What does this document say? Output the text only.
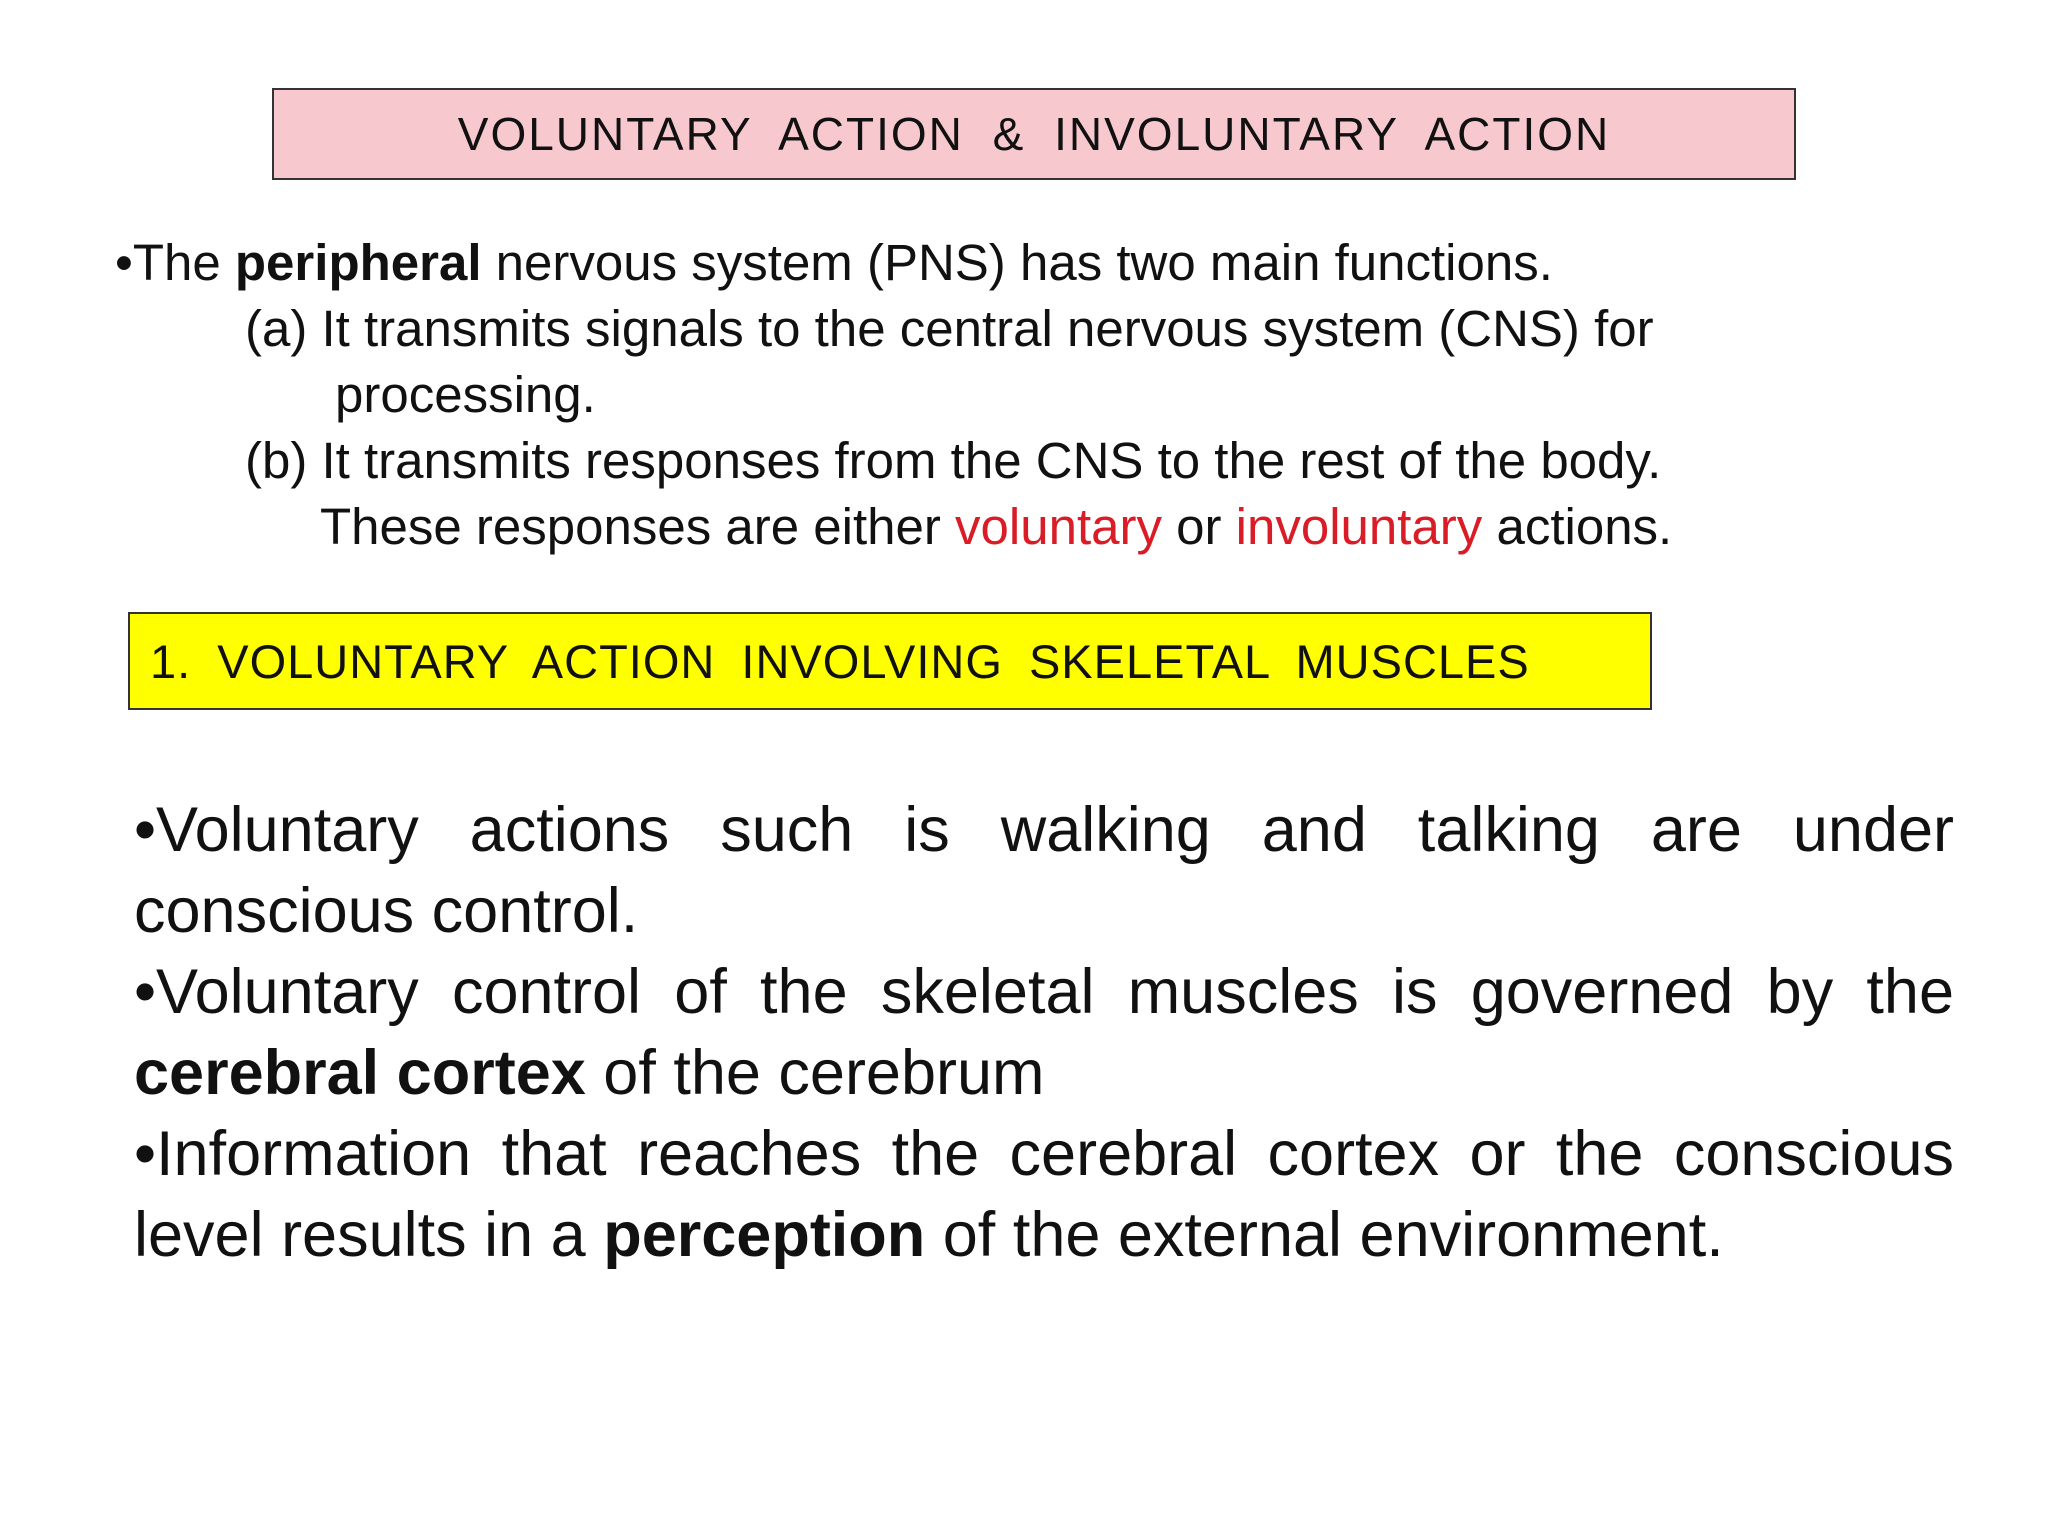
VOLUNTARY ACTION & INVOLUNTARY ACTION

•The peripheral nervous system (PNS) has two main functions.

(a) It transmits signals to the central nervous system (CNS) for

processing.

(b) It transmits responses from the CNS to the rest of the body.

These responses are either voluntary or involuntary actions.

1. VOLUNTARY ACTION INVOLVING SKELETAL MUSCLES

•Voluntary actions such is walking and talking are under conscious control.

•Voluntary control of the skeletal muscles is governed by the cerebral cortex of the cerebrum

•Information that reaches the cerebral cortex or the conscious level results in a perception of the external environment.
